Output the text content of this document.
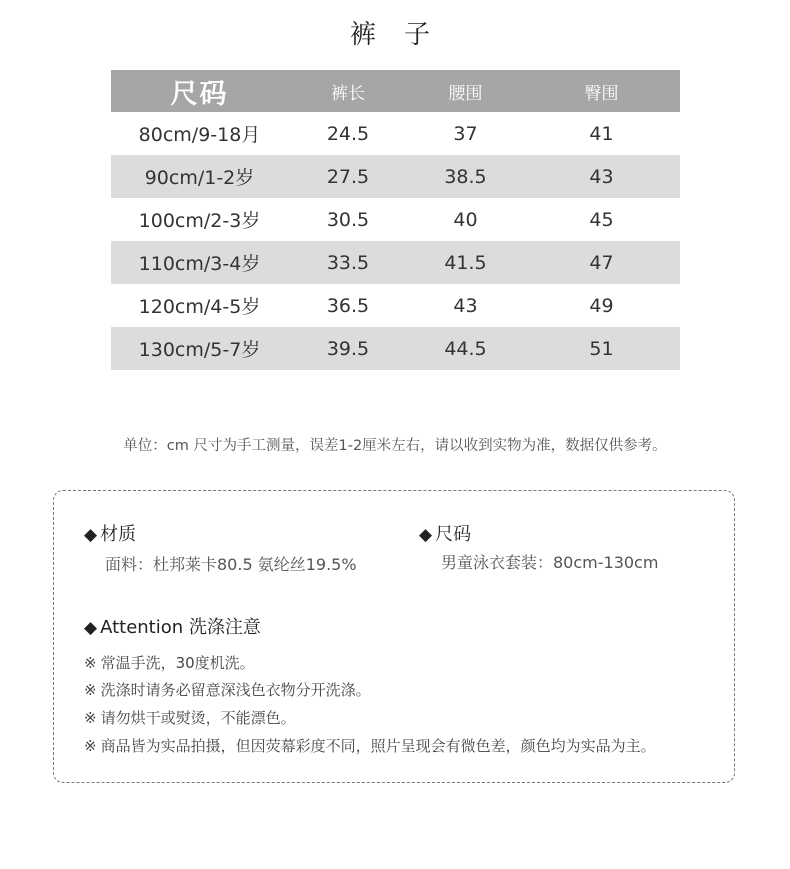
裤 子
尺码	裤长	腰围	臀围
80cm/9-18月	24.5	37	41
90cm/1-2岁	27.5	38.5	43
100cm/2-3岁	30.5	40	45
110cm/3-4岁	33.5	41.5	47
120cm/4-5岁	36.5	43	49
130cm/5-7岁	39.5	44.5	51
单位：cm 尺寸为手工测量，误差1-2厘米左右，请以收到实物为准，数据仅供参考。
◆ 材质
面料：杜邦莱卡80.5 氨纶丝19.5%
◆ 尺码
男童泳衣套装：80cm-130cm
◆ Attention 洗涤注意
※ 常温手洗，30度机洗。
※ 洗涤时请务必留意深浅色衣物分开洗涤。
※ 请勿烘干或熨烫，不能漂色。
※ 商品皆为实品拍摄，但因荧幕彩度不同，照片呈现会有微色差，颜色均为实品为主。
